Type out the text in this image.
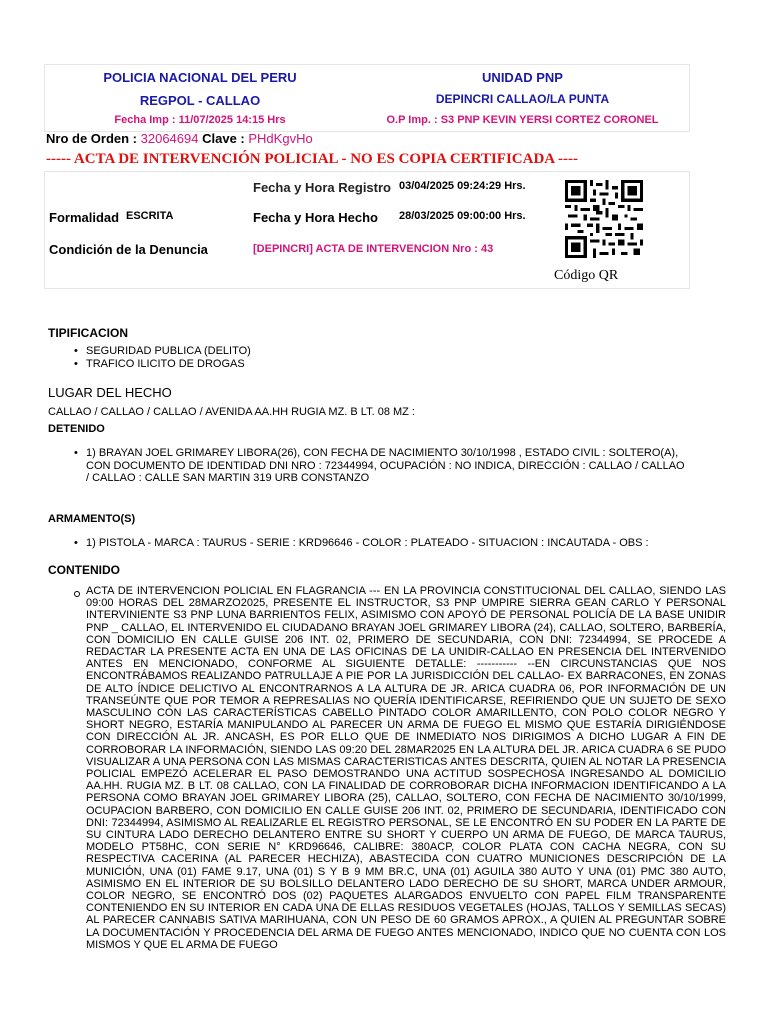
POLICIA NACIONAL DEL PERU
REGPOL - CALLAO
Fecha Imp : 11/07/2025 14:15 Hrs
UNIDAD PNP
DEPINCRI CALLAO/LA PUNTA
O.P Imp. : S3 PNP KEVIN YERSI CORTEZ CORONEL
Nro de Orden : 32064694 Clave : PHdKgvHo
----- ACTA DE INTERVENCIÓN POLICIAL - NO ES COPIA CERTIFICADA ----
Fecha y Hora Registro 03/04/2025 09:24:29 Hrs.
Formalidad ESCRITA	Fecha y Hora Hecho 28/03/2025 09:00:00 Hrs.
Condición de la Denuncia	[DEPINCRI] ACTA DE INTERVENCION Nro : 43
Código QR
TIPIFICACION
• SEGURIDAD PUBLICA (DELITO)
• TRAFICO ILICITO DE DROGAS
LUGAR DEL HECHO
CALLAO / CALLAO / CALLAO / AVENIDA AA.HH RUGIA MZ. B LT. 08 MZ :
DETENIDO
• 1) BRAYAN JOEL GRIMAREY LIBORA(26), CON FECHA DE NACIMIENTO 30/10/1998 , ESTADO CIVIL : SOLTERO(A), CON DOCUMENTO DE IDENTIDAD DNI NRO : 72344994, OCUPACIÓN : NO INDICA, DIRECCIÓN : CALLAO / CALLAO / CALLAO : CALLE SAN MARTIN 319 URB CONSTANZO
ARMAMENTO(S)
• 1) PISTOLA - MARCA : TAURUS - SERIE : KRD96646 - COLOR : PLATEADO - SITUACION : INCAUTADA - OBS :
CONTENIDO
ACTA DE INTERVENCION POLICIAL EN FLAGRANCIA --- EN LA PROVINCIA CONSTITUCIONAL DEL CALLAO, SIENDO LAS 09:00 HORAS DEL 28MARZO2025, PRESENTE EL INSTRUCTOR, S3 PNP UMPIRE SIERRA GEAN CARLO Y PERSONAL INTERVINIENTE S3 PNP LUNA BARRIENTOS FELIX, ASIMISMO CON APOYÓ DE PERSONAL POLICÍA DE LA BASE UNIDIR PNP _ CALLAO, EL INTERVENIDO EL CIUDADANO BRAYAN JOEL GRIMAREY LIBORA (24), CALLAO, SOLTERO, BARBERÍA, CON DOMICILIO EN CALLE GUISE 206 INT. 02, PRIMERO DE SECUNDARIA, CON DNI: 72344994, SE PROCEDE A REDACTAR LA PRESENTE ACTA EN UNA DE LAS OFICINAS DE LA UNIDIR-CALLAO EN PRESENCIA DEL INTERVENIDO ANTES EN MENCIONADO, CONFORME AL SIGUIENTE DETALLE: ----------- --EN CIRCUNSTANCIAS QUE NOS ENCONTRÁBAMOS REALIZANDO PATRULLAJE A PIE POR LA JURISDICCIÓN DEL CALLAO- EX BARRACONES, EN ZONAS DE ALTO ÍNDICE DELICTIVO AL ENCONTRARNOS A LA ALTURA DE JR. ARICA CUADRA 06, POR INFORMACIÓN DE UN TRANSEÚNTE QUE POR TEMOR A REPRESALIAS NO QUERÍA IDENTIFICARSE, REFIRIENDO QUE UN SUJETO DE SEXO MASCULINO CON LAS CARACTERÍSTICAS CABELLO PINTADO COLOR AMARILLENTO, CON POLO COLOR NEGRO Y SHORT NEGRO, ESTARÍA MANIPULANDO AL PARECER UN ARMA DE FUEGO EL MISMO QUE ESTARÍA DIRIGIÉNDOSE CON DIRECCIÓN AL JR. ANCASH, ES POR ELLO QUE DE INMEDIATO NOS DIRIGIMOS A DICHO LUGAR A FIN DE CORROBORAR LA INFORMACIÓN, SIENDO LAS 09:20 DEL 28MAR2025 EN LA ALTURA DEL JR. ARICA CUADRA 6 SE PUDO VISUALIZAR A UNA PERSONA CON LAS MISMAS CARACTERISTICAS ANTES DESCRITA, QUIEN AL NOTAR LA PRESENCIA POLICIAL EMPEZÓ ACELERAR EL PASO DEMOSTRANDO UNA ACTITUD SOSPECHOSA INGRESANDO AL DOMICILIO AA.HH. RUGIA MZ. B LT. 08 CALLAO, CON LA FINALIDAD DE CORROBORAR DICHA INFORMACION IDENTIFICANDO A LA PERSONA COMO BRAYAN JOEL GRIMAREY LIBORA (25), CALLAO, SOLTERO, CON FECHA DE NACIMIENTO 30/10/1999, OCUPACION BARBERO, CON DOMICILIO EN CALLE GUISE 206 INT. 02, PRIMERO DE SECUNDARIA, IDENTIFICADO CON DNI: 72344994, ASIMISMO AL REALIZARLE EL REGISTRO PERSONAL, SE LE ENCONTRÓ EN SU PODER EN LA PARTE DE SU CINTURA LADO DERECHO DELANTERO ENTRE SU SHORT Y CUERPO UN ARMA DE FUEGO, DE MARCA TAURUS, MODELO PT58HC, CON SERIE N° KRD96646, CALIBRE: 380ACP, COLOR PLATA CON CACHA NEGRA, CON SU RESPECTIVA CACERINA (AL PARECER HECHIZA), ABASTECIDA CON CUATRO MUNICIONES DESCRIPCIÓN DE LA MUNICIÓN, UNA (01) FAME 9.17, UNA (01) S Y B 9 MM BR.C, UNA (01) AGUILA 380 AUTO Y UNA (01) PMC 380 AUTO, ASIMISMO EN EL INTERIOR DE SU BOLSILLO DELANTERO LADO DERECHO DE SU SHORT, MARCA UNDER ARMOUR, COLOR NEGRO, SE ENCONTRÓ DOS (02) PAQUETES ALARGADOS ENVUELTO CON PAPEL FILM TRANSPARENTE CONTENIENDO EN SU INTERIOR EN CADA UNA DE ELLAS RESIDUOS VEGETALES (HOJAS, TALLOS Y SEMILLAS SECAS) AL PARECER CANNABIS SATIVA MARIHUANA, CON UN PESO DE 60 GRAMOS APROX., A QUIEN AL PREGUNTAR SOBRE LA DOCUMENTACIÓN Y PROCEDENCIA DEL ARMA DE FUEGO ANTES MENCIONADO, INDICO QUE NO CUENTA CON LOS MISMOS Y QUE EL ARMA DE FUEGO
